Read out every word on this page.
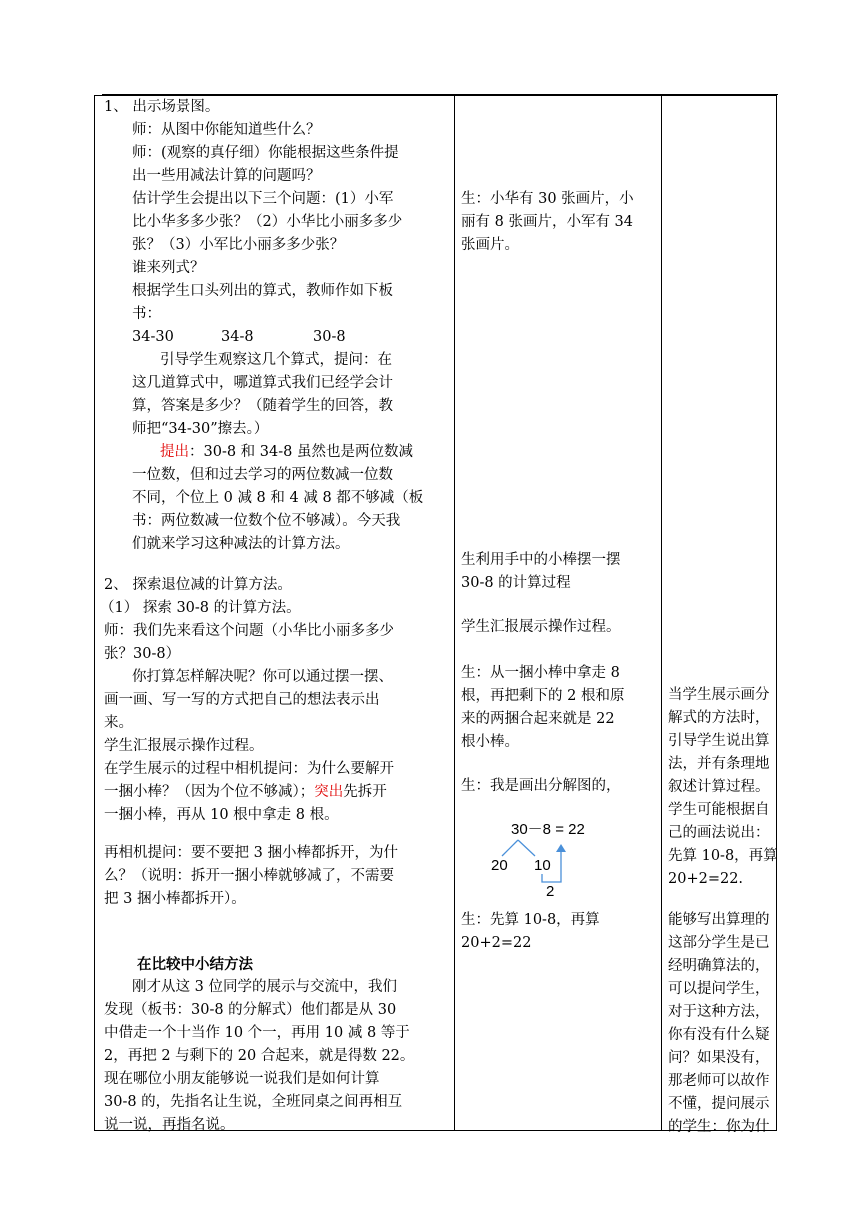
1、 出示场景图。
师：从图中你能知道些什么？
师：(观察的真仔细）你能根据这些条件提
出一些用减法计算的问题吗？
估计学生会提出以下三个问题：(1）小军
比小华多多少张？（2）小华比小丽多多少
张？（3）小军比小丽多多少张？
谁来列式？
根据学生口头列出的算式，教师作如下板
书：
34-30	34-8	30-8
引导学生观察这几个算式，提问：在
这几道算式中，哪道算式我们已经学会计
算，答案是多少？（随着学生的回答，教
师把“34-30”擦去。）
提出：30-8 和 34-8 虽然也是两位数减
一位数，但和过去学习的两位数减一位数
不同，个位上 0 减 8 和 4 减 8 都不够减（板
书：两位数减一位数个位不够减）。今天我
们就来学习这种减法的计算方法。
2、 探索退位减的计算方法。
（1） 探索 30-8 的计算方法。
师：我们先来看这个问题（小华比小丽多多少
张？30-8）
你打算怎样解决呢？你可以通过摆一摆、
画一画、写一写的方式把自己的想法表示出
来。
学生汇报展示操作过程。
在学生展示的过程中相机提问：为什么要解开
一捆小棒？（因为个位不够减）；突出先拆开
一捆小棒，再从 10 根中拿走 8 根。
再相机提问：要不要把 3 捆小棒都拆开，为什
么？（说明：拆开一捆小棒就够减了，不需要
把 3 捆小棒都拆开）。
在比较中小结方法
刚才从这 3 位同学的展示与交流中，我们
发现（板书：30-8 的分解式）他们都是从 30
中借走一个十当作 10 个一，再用 10 减 8 等于
2，再把 2 与剩下的 20 合起来，就是得数 22。
现在哪位小朋友能够说一说我们是如何计算
30-8 的，先指名让生说，全班同桌之间再相互
说一说，再指名说。
生：小华有 30 张画片，小
丽有 8 张画片，小军有 34
张画片。
生利用手中的小棒摆一摆
30-8 的计算过程
学生汇报展示操作过程。
生：从一捆小棒中拿走 8
根，再把剩下的 2 根和原
来的两捆合起来就是 22
根小棒。
生：我是画出分解图的，
生：先算 10-8，再算
20+2=22
30－8 = 22
20 10
2
当学生展示画分
解式的方法时，
引导学生说出算
法，并有条理地
叙述计算过程。
学生可能根据自
己的画法说出：
先算 10-8，再算
20+2=22.
能够写出算理的
这部分学生是已
经明确算法的，
可以提问学生，
对于这种方法，
你有没有什么疑
问？如果没有，
那老师可以故作
不懂，提问展示
的学生：你为什
